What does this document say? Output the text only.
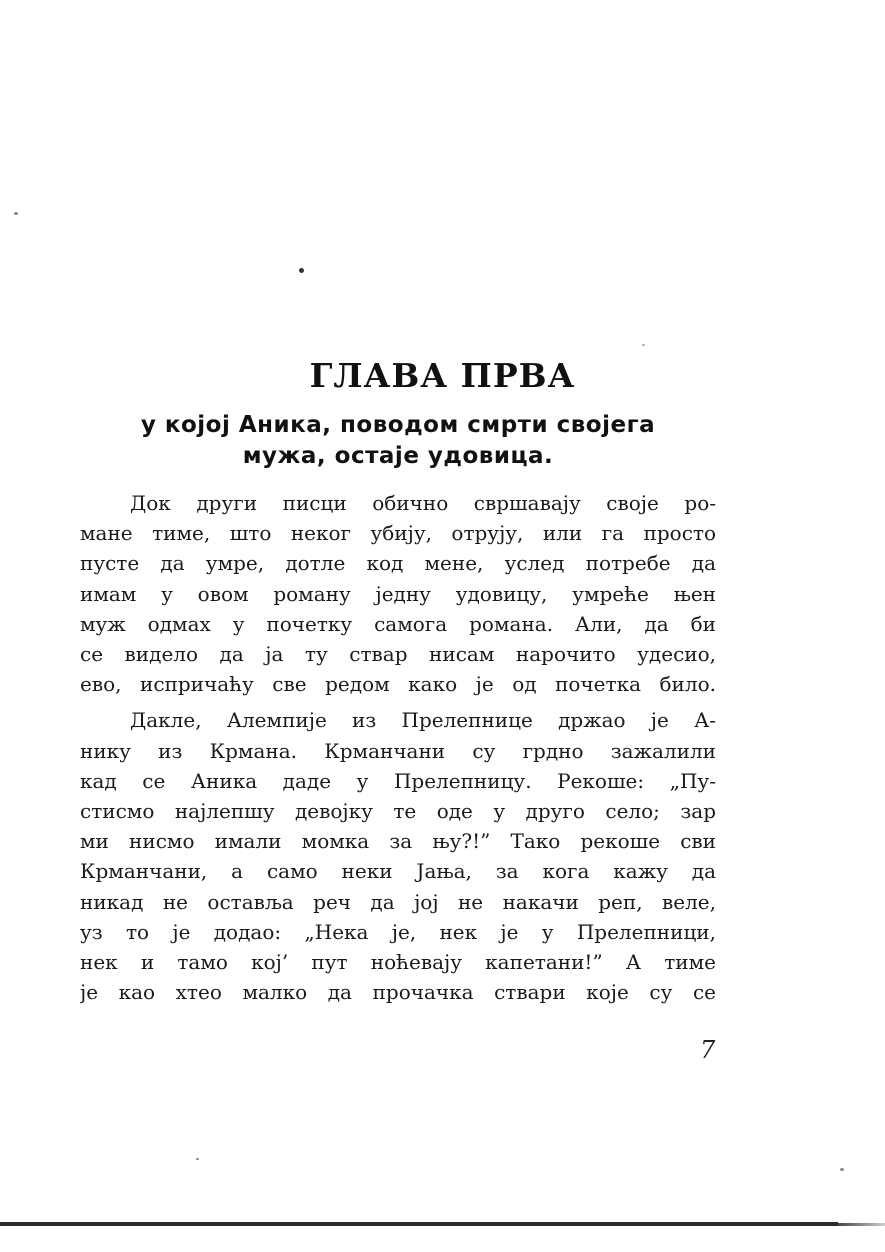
ГЛАВА ПРВА
у којој Аника, поводом смрти својега
мужа, остаје удовица.

Док други писци обично свршавају своје ро-
мане тиме, што неког убију, отрују, или га просто
пусте да умре, дотле код мене, услед потребе да
имам у овом роману једну удовицу, умреће њен
муж одмах у почетку самога романа. Али, да би
се видело да ја ту ствар нисам нарочито удесио,
ево, испричаћу све редом како је од почетка било.

Дакле, Алемпије из Прелепнице држао је А-
нику из Крмана. Крманчани су грдно зажалили
кад се Аника даде у Прелепницу. Рекоше: „Пу-
стисмо најлепшу девојку те оде у друго село; зар
ми нисмо имали момка за њу?!” Тако рекоше сви
Крманчани, а само неки Јања, за кога кажу да
никад не оставља реч да јој не накачи реп, веле,
уз то је додао: „Нека је, нек је у Прелепници,
нек и тамо кој’ пут ноћевају капетани!” А тиме
је као хтео малко да прочачка ствари које су се

7
